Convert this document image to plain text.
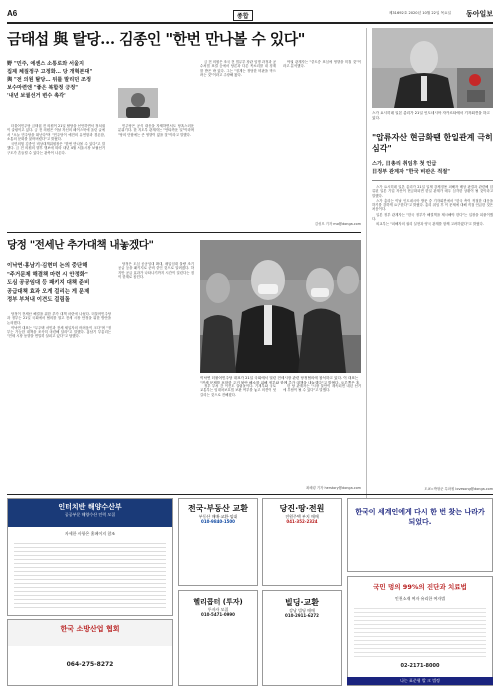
A6	종합	제31692호 2020년 10월 22일 목요일 동아일보
금태섭 與 탈당… 김종인 "한번 만나볼 수 있다"
野 "민주, 에센스 소통로와 서울지
집제 체질정구 고정화… 당 개혁본대"
與 "전 의원 탈당… 뒤를 말리던 조정
보수마련엔 "좋은 복합정 긍정"
'내년 보궐선거 변수 촉각'

더불어민주당 금태섭 전 의원이 21일 탈당을 선언하면서 정치권이 술렁이고 있다. 금 전 의원은 이날 자신의 페이스북에 올린 글에서 "오늘 민주당을 떠난다"며 "민주당이 예전의 유연함과 겸손함, 소통의 문화를 잃어버렸다"고 밝혔다.

국민의힘 김종인 비상대책위원장은 "한번 만나볼 수 있다"고 말했다. 금 전 의원의 향후 행보에 따라 내년 4월 서울시장 보궐선거 구도가 흔들릴 수 있다는 관측이 나온다.

민주당은 공식 대응을 자제하면서도 당혹스러운 분위기다. 한 지도부 관계자는 "안타까운 일"이라며 "당의 단합에는 큰 영향이 없을 것"이라고 말했다.

금 전 의원은 조국 전 법무부 장관 임명 과정과 공수처법 표결 등에서 당론과 다른 목소리를 내 징계를 받은 바 있다. 그는 "징계는 정당한 비판을 막으려는 것"이라고 주장해 왔다.

야권 관계자는 "중도층 표심에 영향을 미칠 것"이라고 분석했다.

김성모 기자 mo@donga.com
당정 "전세난 추가대책 내놓겠다"
이낙연·홍남기·김현미 논의 중단해
"주거문제 해결책 마련 시 안정화"
도심 공공임대 등 패키지 대책 준비
공급대책 효과 오게 걸리는 게 문제
정부 부처내 이견도 걸림돌

당정이 전세난 해결을 위한 추가 대책 마련에 나섰다. 더불어민주당과 정부는 21일 국회에서 협의를 열고 전세 시장 안정을 위한 방안을 논의했다.

이낙연 대표는 "무주택 서민과 전세 세입자의 어려움이 크다"며 "정부는 가능한 대책을 조속히 마련해 달라"고 말했다. 홍남기 부총리는 "전세 시장 동향을 면밀히 살피고 있다"고 답했다.

당정은 도심 공공임대 확대, 매입임대 물량 조기 공급 등을 패키지로 준비 중인 것으로 알려졌다. 하지만 공급 효과가 나타나기까지 시간이 걸린다는 점이 한계로 꼽힌다.

정부 부처 간 이견도 걸림돌이다. 기재부와 국토교통부는 임대차보호법 보완 여부를 놓고 의견이 엇갈리는 것으로 전해졌다.

한 당 관계자는 "시장 불안이 계속되면 내년 선거에 부담이 될 수 있다"고 말했다.

이낙연 더불어민주당 대표가 21일 국회에서 열린 전세시장 관련 당정협의에 참석하고 있다. 이 대표는 "전세 문제를 포함한 주거 불안 해소를 위해 정부와 함께 추가 대책을 내놓겠다"고 밝혔다. 오른쪽은 홍
최혜령 기자 herstory@donga.com
스가 요시히데 일본 총리가 21일 인도네시아 자카르타에서 기자회견을 하고 있다.
"압류자산 현금화땐 한일관계 극히 심각"
스가, 日총리 취임후 첫 언급
日정부 관계자 "한국 비판은 적절"

스가 요시히데 일본 총리가 21일 일제 강제징용 피해자 배상 판결과 관련해 압류된 일본 기업 자산이 현금화되면 한일 관계가 매우 심각한 상황이 될 것이라고 말했다.

스가 총리는 이날 인도네시아 방문 중 기자회견에서 "한국 측이 적절한 대응을 하기를 강하게 요구한다"고 밝혔다. 총리 취임 후 이 문제에 대해 직접 언급한 것은 처음이다.

일본 정부 관계자는 "한국 정부가 해결책을 제시해야 한다"는 입장을 되풀이했다.

외교부는 "피해자의 권리 실현과 양국 관계를 함께 고려하겠다"고 밝혔다.

도쿄=박형준 특파원 lovesong@donga.com
인터치반 해양수산부
공공부문 해양수산 인력 모집
자세한 사항은 홈페이지 참조
한국 소방산업 협회
064-275-8272
전국·부동산 교환
부동산 매매·교환·임대
010-9840-1500
당진·땅·전원
전원주택 부지 매매
041-352-2324
빌딩·교환
강남 빌딩 매매
010-2911-6272
헬리콥터 (투자)
투자자 모집
010-5471-0990
한국이 세계인에게 다시 한 번 찾는 나라가 되었다.
국민 멍의 99%의 진단과 치료법
인천소재 여자 유리한 여자법
02-2171-8000
나는 표준형 발 크 법정
